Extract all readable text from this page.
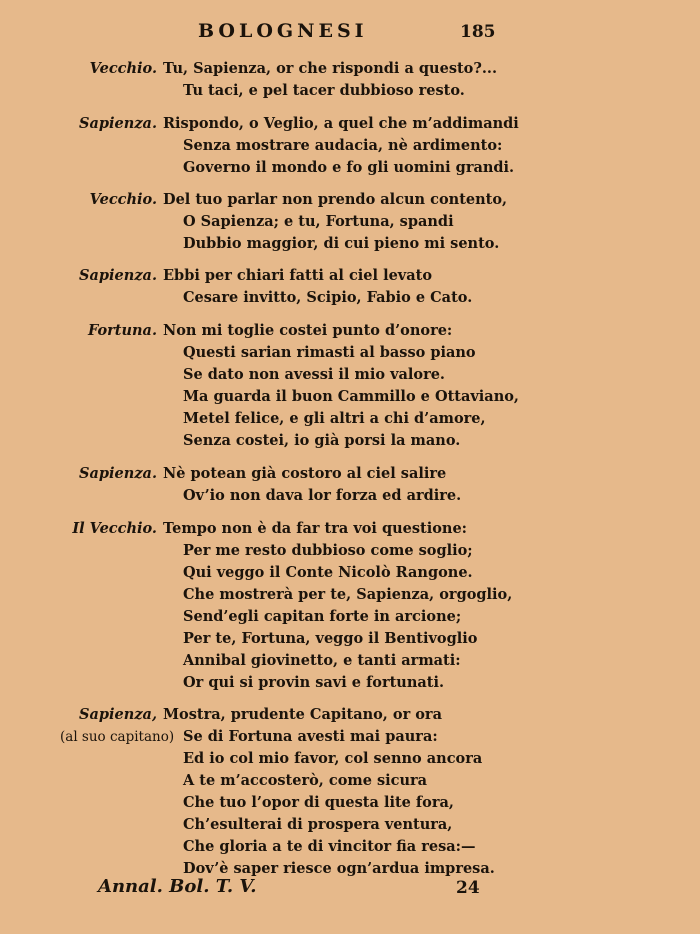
BOLOGNESI	185
Vecchio. Tu, Sapienza, or che rispondi a questo?...
Tu taci, e pel tacer dubbioso resto.
Sapienza. Rispondo, o Veglio, a quel che m’addimandi
Senza mostrare audacia, nè ardimento:
Governo il mondo e fo gli uomini grandi.
Vecchio. Del tuo parlar non prendo alcun contento,
O Sapienza; e tu, Fortuna, spandi
Dubbio maggior, di cui pieno mi sento.
Sapienza. Ebbi per chiari fatti al ciel levato
Cesare invitto, Scipio, Fabio e Cato.
Fortuna. Non mi toglie costei punto d’onore:
Questi sarian rimasti al basso piano
Se dato non avessi il mio valore.
Ma guarda il buon Cammillo e Ottaviano,
Metel felice, e gli altri a chi d’amore,
Senza costei, io già porsi la mano.
Sapienza. Nè potean già costoro al ciel salire
Ov’io non dava lor forza ed ardire.
Il Vecchio. Tempo non è da far tra voi questione:
Per me resto dubbioso come soglio;
Qui veggo il Conte Nicolò Rangone.
Che mostrerà per te, Sapienza, orgoglio,
Send’egli capitan forte in arcione;
Per te, Fortuna, veggo il Bentivoglio
Annibal giovinetto, e tanti armati:
Or qui si provin savi e fortunati.
Sapienza, Mostra, prudente Capitano, or ora
(al suo capitano) Se di Fortuna avesti mai paura:
Ed io col mio favor, col senno ancora
A te m’accosterò, come sicura
Che tuo l’opor di questa lite fora,
Ch’esulterai di prospera ventura,
Che gloria a te di vincitor fia resa:—
Dov’è saper riesce ogn’ardua impresa.
Annal. Bol. T. V.	24
